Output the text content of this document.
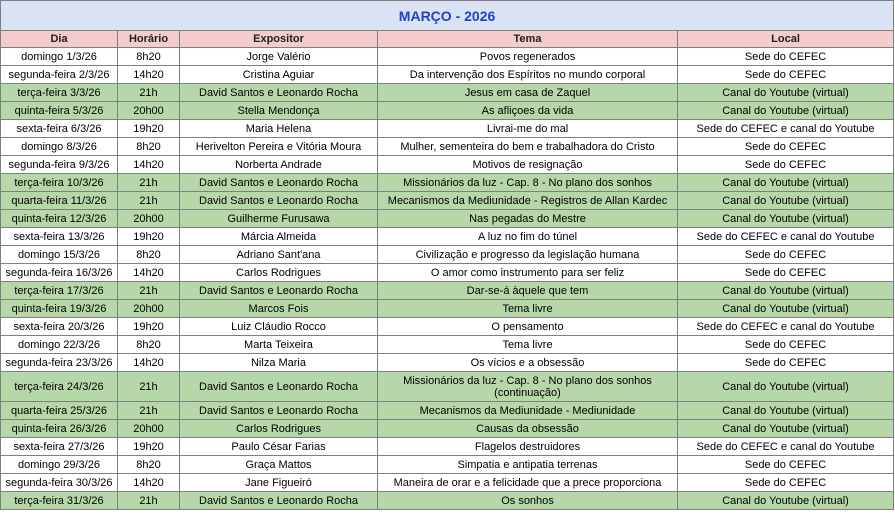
MARÇO - 2026				
Dia	Horário	Expositor	Tema	Local
domingo 1/3/26	8h20	Jorge Valério	Povos regenerados	Sede do CEFEC
segunda-feira 2/3/26	14h20	Cristina Aguiar	Da intervenção dos Espíritos no mundo corporal	Sede do CEFEC
terça-feira 3/3/26	21h	David Santos e Leonardo Rocha	Jesus em casa de Zaquel	Canal do Youtube (virtual)
quinta-feira 5/3/26	20h00	Stella Mendonça	As afliçoes da vida	Canal do Youtube (virtual)
sexta-feira 6/3/26	19h20	Maria Helena	Livrai-me do mal	Sede do CEFEC e canal do Youtube
domingo 8/3/26	8h20	Herivelton Pereira e Vitória Moura	Mulher, sementeira do bem e trabalhadora do Cristo	Sede do CEFEC
segunda-feira 9/3/26	14h20	Norberta Andrade	Motivos de resignação	Sede do CEFEC
terça-feira 10/3/26	21h	David Santos e Leonardo Rocha	Missionários da luz - Cap. 8 - No plano dos sonhos	Canal do Youtube (virtual)
quarta-feira 11/3/26	21h	David Santos e Leonardo Rocha	Mecanismos da Mediunidade - Registros de Allan Kardec	Canal do Youtube (virtual)
quinta-feira 12/3/26	20h00	Guilherme Furusawa	Nas pegadas do Mestre	Canal do Youtube (virtual)
sexta-feira 13/3/26	19h20	Márcia Almeida	A luz no fim do túnel	Sede do CEFEC e canal do Youtube
domingo 15/3/26	8h20	Adriano Sant'ana	Civilização e progresso da legislação humana	Sede do CEFEC
segunda-feira 16/3/26	14h20	Carlos Rodrigues	O amor como instrumento para ser feliz	Sede do CEFEC
terça-feira 17/3/26	21h	David Santos e Leonardo Rocha	Dar-se-á àquele que tem	Canal do Youtube (virtual)
quinta-feira 19/3/26	20h00	Marcos Fois	Tema livre	Canal do Youtube (virtual)
sexta-feira 20/3/26	19h20	Luiz Cláudio Rocco	O pensamento	Sede do CEFEC e canal do Youtube
domingo 22/3/26	8h20	Marta Teixeira	Tema livre	Sede do CEFEC
segunda-feira 23/3/26	14h20	Nilza Maria	Os vícios e a obsessão	Sede do CEFEC
terça-feira 24/3/26	21h	David Santos e Leonardo Rocha	Missionários da luz - Cap. 8 - No plano dos sonhos (continuação)	Canal do Youtube (virtual)
quarta-feira 25/3/26	21h	David Santos e Leonardo Rocha	Mecanismos da Mediunidade - Mediunidade	Canal do Youtube (virtual)
quinta-feira 26/3/26	20h00	Carlos Rodrigues	Causas da obsessão	Canal do Youtube (virtual)
sexta-feira 27/3/26	19h20	Paulo César Farias	Flagelos destruidores	Sede do CEFEC e canal do Youtube
domingo 29/3/26	8h20	Graça Mattos	Simpatia e antipatia terrenas	Sede do CEFEC
segunda-feira 30/3/26	14h20	Jane Figueiró	Maneira de orar e a felicidade que a prece proporciona	Sede do CEFEC
terça-feira 31/3/26	21h	David Santos e Leonardo Rocha	Os sonhos	Canal do Youtube (virtual)
